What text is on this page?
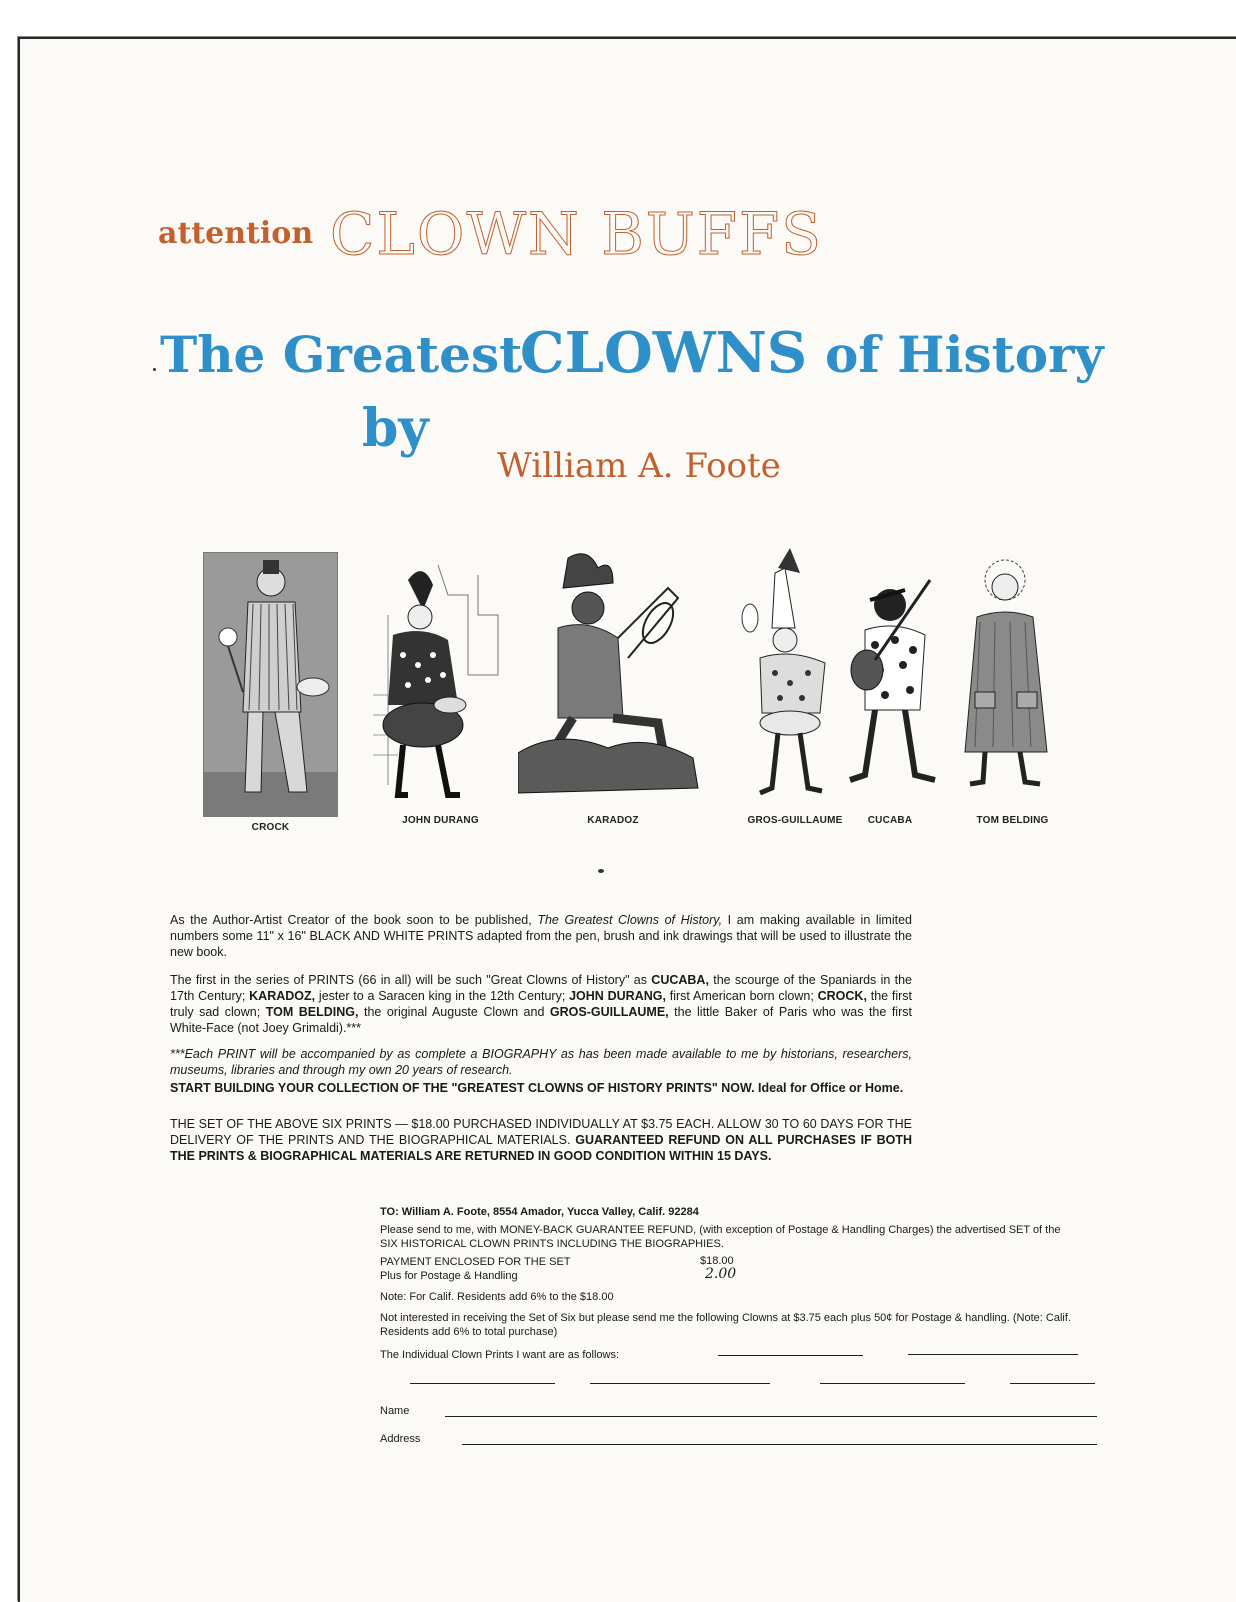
attention CLOWN BUFFS
The Greatest
CLOWNS of History
by
William A. Foote
CROCK
JOHN DURANG	KARADOZ	GROS-GUILLAUME	CUCABA	TOM BELDING
As the Author-Artist Creator of the book soon to be published, The Greatest Clowns of History, I am making available in limited numbers some 11" x 16" BLACK AND WHITE PRINTS adapted from the pen, brush and ink drawings that will be used to illustrate the new book.
The first in the series of PRINTS (66 in all) will be such "Great Clowns of History" as CUCABA, the scourge of the Spaniards in the 17th Century; KARADOZ, jester to a Saracen king in the 12th Century; JOHN DURANG, first American born clown; CROCK, the first truly sad clown; TOM BELDING, the original Auguste Clown and GROS-GUILLAUME, the little Baker of Paris who was the first White-Face (not Joey Grimaldi).***
***Each PRINT will be accompanied by as complete a BIOGRAPHY as has been made available to me by historians, researchers, museums, libraries and through my own 20 years of research.
START BUILDING YOUR COLLECTION OF THE "GREATEST CLOWNS OF HISTORY PRINTS" NOW. Ideal for Office or Home.
THE SET OF THE ABOVE SIX PRINTS — $18.00 PURCHASED INDIVIDUALLY AT $3.75 EACH. ALLOW 30 TO 60 DAYS FOR THE DELIVERY OF THE PRINTS AND THE BIOGRAPHICAL MATERIALS. GUARANTEED REFUND ON ALL PURCHASES IF BOTH THE PRINTS & BIOGRAPHICAL MATERIALS ARE RETURNED IN GOOD CONDITION WITHIN 15 DAYS.
TO: William A. Foote, 8554 Amador, Yucca Valley, Calif. 92284
Please send to me, with MONEY-BACK GUARANTEE REFUND, (with exception of Postage & Handling Charges) the advertised SET of the SIX HISTORICAL CLOWN PRINTS INCLUDING THE BIOGRAPHIES.
PAYMENT ENCLOSED FOR THE SET	$18.00
Plus for Postage & Handling	2.00
Note: For Calif. Residents add 6% to the $18.00
Not interested in receiving the Set of Six but please send me the following Clowns at $3.75 each plus 50¢ for Postage & handling. (Note: Calif. Residents add 6% to total purchase)
The Individual Clown Prints I want are as follows:
Name
Address
